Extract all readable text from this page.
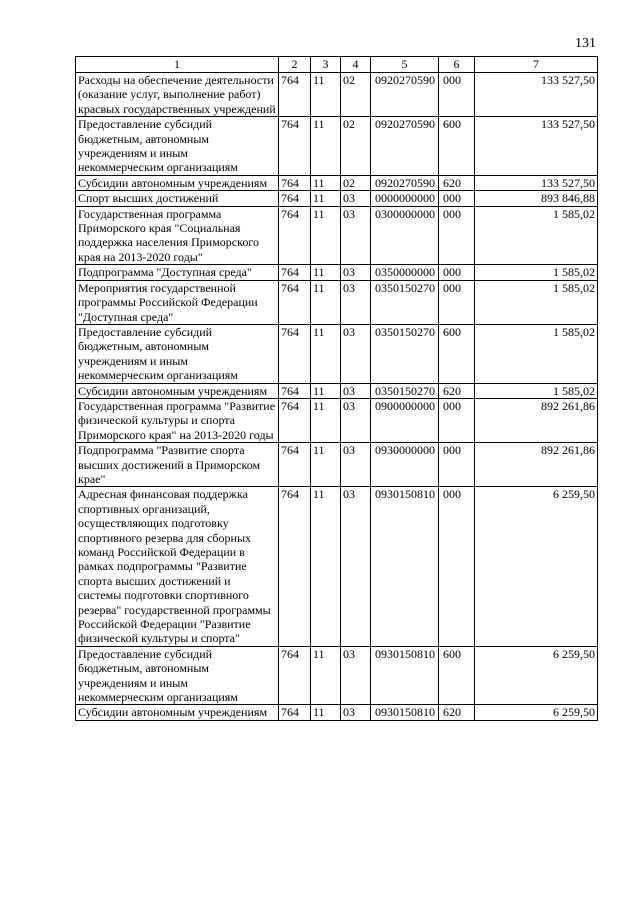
131
1	2	3	4	5	6	7
Расходы на обеспечение деятельности (оказание услуг, выполнение работ) красвых государственных учреждений	764	11	02	0920270590	000	133 527,50
Предоставление субсидий бюджетным, автономным учреждениям и иным некоммерческим организациям	764	11	02	0920270590	600	133 527,50
Субсидии автономным учреждениям	764	11	02	0920270590	620	133 527,50
Спорт высших достижений	764	11	03	0000000000	000	893 846,88
Государственная программа Приморского края "Социальная поддержка населения Приморского края на 2013-2020 годы"	764	11	03	0300000000	000	1 585,02
Подпрограмма "Доступная среда"	764	11	03	0350000000	000	1 585,02
Мероприятия государственной программы Российской Федерации "Доступная среда"	764	11	03	0350150270	000	1 585,02
Предоставление субсидий бюджетным, автономным учреждениям и иным некоммерческим организациям	764	11	03	0350150270	600	1 585,02
Субсидии автономным учреждениям	764	11	03	0350150270	620	1 585,02
Государственная программа "Развитие физической культуры и спорта Приморского края" на 2013-2020 годы	764	11	03	0900000000	000	892 261,86
Подпрограмма "Развитие спорта высших достижений в Приморском крае"	764	11	03	0930000000	000	892 261,86
Адресная финансовая поддержка спортивных организаций, осуществляющих подготовку спортивного резерва для сборных команд Российской Федерации в рамках подпрограммы "Развитие спорта высших достижений и системы подготовки спортивного резерва" государственной программы Российской Федерации "Развитие физической культуры и спорта"	764	11	03	0930150810	000	6 259,50
Предоставление субсидий бюджетным, автономным учреждениям и иным некоммерческим организациям	764	11	03	0930150810	600	6 259,50
Субсидии автономным учреждениям	764	11	03	0930150810	620	6 259,50
